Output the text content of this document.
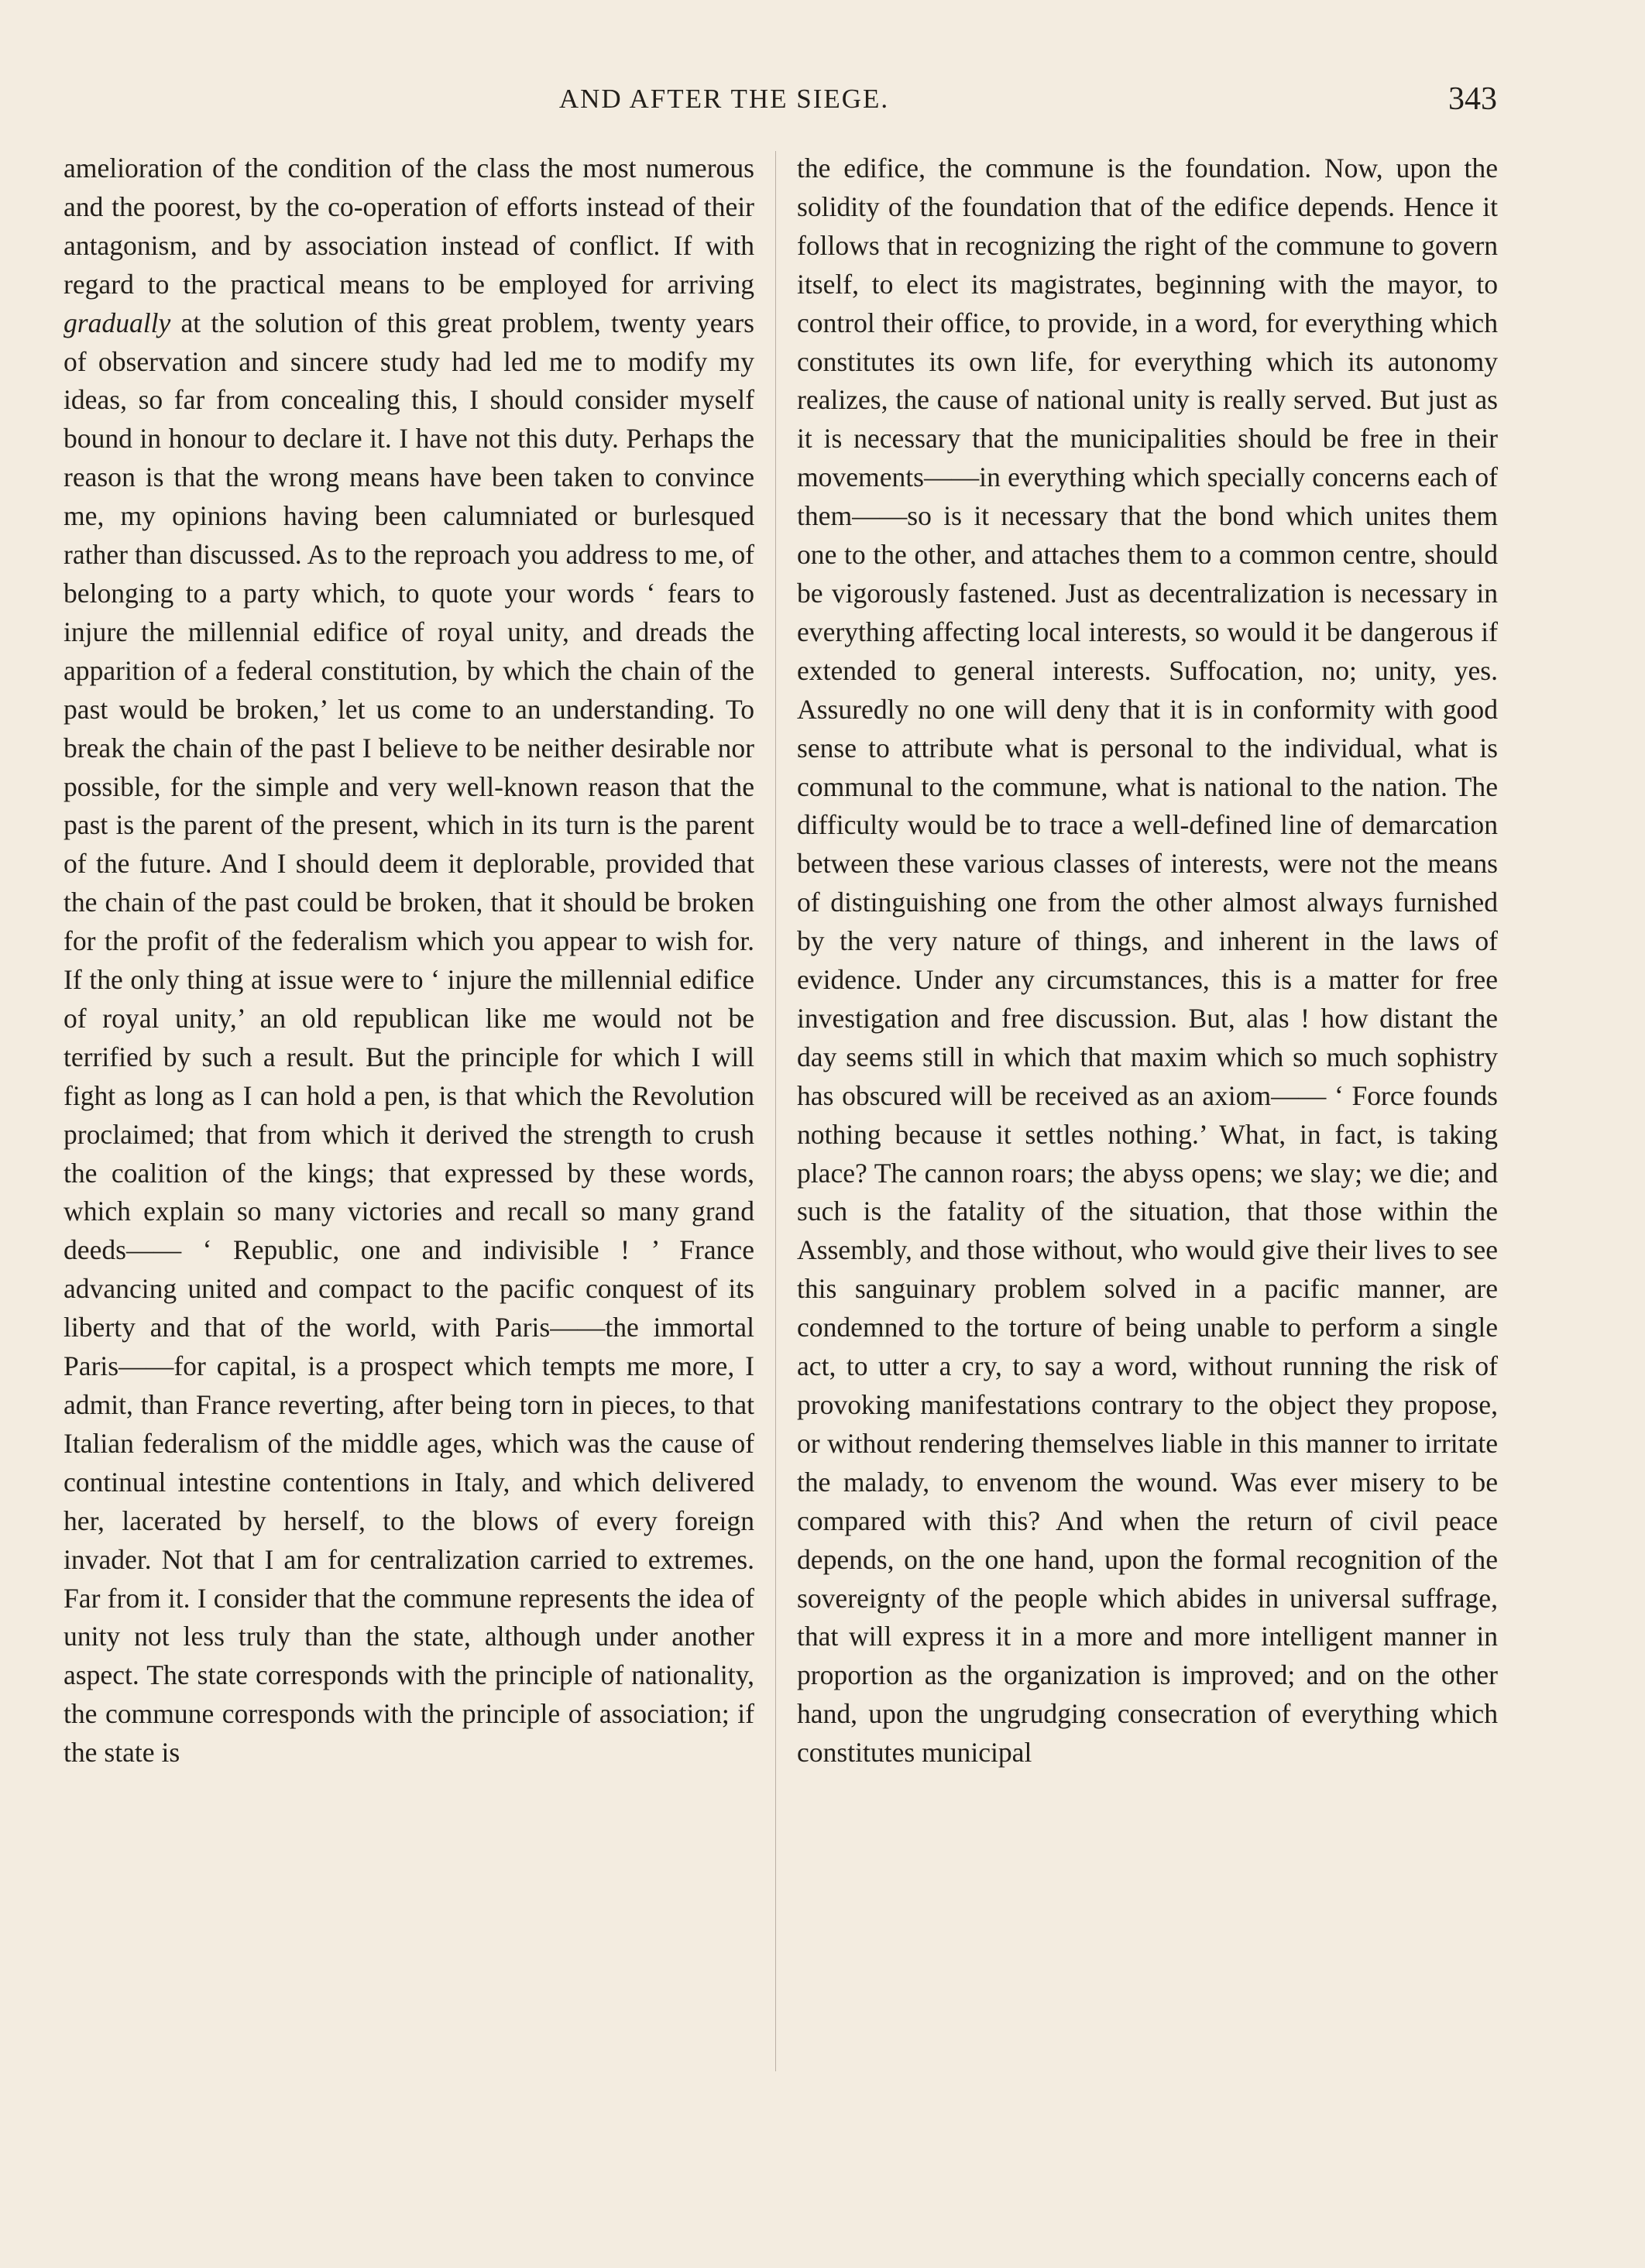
AND AFTER THE SIEGE.	343

amelioration of the condition of the class the most numerous and the poorest, by the co-operation of efforts instead of their antagonism, and by association instead of conflict. If with regard to the practical means to be employed for arriving gradually at the solution of this great problem, twenty years of observation and sincere study had led me to modify my ideas, so far from concealing this, I should consider myself bound in honour to declare it. I have not this duty. Perhaps the reason is that the wrong means have been taken to convince me, my opinions having been calumniated or burlesqued rather than discussed. As to the reproach you address to me, of belonging to a party which, to quote your words ‘ fears to injure the millennial edifice of royal unity, and dreads the apparition of a federal constitution, by which the chain of the past would be broken,’ let us come to an understanding. To break the chain of the past I believe to be neither desirable nor possible, for the simple and very well-known reason that the past is the parent of the present, which in its turn is the parent of the future. And I should deem it deplorable, provided that the chain of the past could be broken, that it should be broken for the profit of the federalism which you appear to wish for. If the only thing at issue were to ‘ injure the millennial edifice of royal unity,’ an old republican like me would not be terrified by such a result. But the principle for which I will fight as long as I can hold a pen, is that which the Revolution proclaimed; that from which it derived the strength to crush the coalition of the kings; that expressed by these words, which explain so many victories and recall so many grand deeds—— ‘ Republic, one and indivisible ! ’ France advancing united and compact to the pacific conquest of its liberty and that of the world, with Paris——the immortal Paris——for capital, is a prospect which tempts me more, I admit, than France reverting, after being torn in pieces, to that Italian federalism of the middle ages, which was the cause of continual intestine contentions in Italy, and which delivered her, lacerated by herself, to the blows of every foreign invader. Not that I am for centralization carried to extremes. Far from it. I consider that the commune represents the idea of unity not less truly than the state, although under another aspect. The state corresponds with the principle of nationality, the commune corresponds with the principle of association; if the state is

the edifice, the commune is the foundation. Now, upon the solidity of the foundation that of the edifice depends. Hence it follows that in recognizing the right of the commune to govern itself, to elect its magistrates, beginning with the mayor, to control their office, to provide, in a word, for everything which constitutes its own life, for everything which its autonomy realizes, the cause of national unity is really served. But just as it is necessary that the municipalities should be free in their movements——in everything which specially concerns each of them——so is it necessary that the bond which unites them one to the other, and attaches them to a common centre, should be vigorously fastened. Just as decentralization is necessary in everything affecting local interests, so would it be dangerous if extended to general interests. Suffocation, no; unity, yes. Assuredly no one will deny that it is in conformity with good sense to attribute what is personal to the individual, what is communal to the commune, what is national to the nation. The difficulty would be to trace a well-defined line of demarcation between these various classes of interests, were not the means of distinguishing one from the other almost always furnished by the very nature of things, and inherent in the laws of evidence. Under any circumstances, this is a matter for free investigation and free discussion. But, alas ! how distant the day seems still in which that maxim which so much sophistry has obscured will be received as an axiom—— ‘ Force founds nothing because it settles nothing.’ What, in fact, is taking place? The cannon roars; the abyss opens; we slay; we die; and such is the fatality of the situation, that those within the Assembly, and those without, who would give their lives to see this sanguinary problem solved in a pacific manner, are condemned to the torture of being unable to perform a single act, to utter a cry, to say a word, without running the risk of provoking manifestations contrary to the object they propose, or without rendering themselves liable in this manner to irritate the malady, to envenom the wound. Was ever misery to be compared with this? And when the return of civil peace depends, on the one hand, upon the formal recognition of the sovereignty of the people which abides in universal suffrage, that will express it in a more and more intelligent manner in proportion as the organization is improved; and on the other hand, upon the ungrudging consecration of everything which constitutes municipal
